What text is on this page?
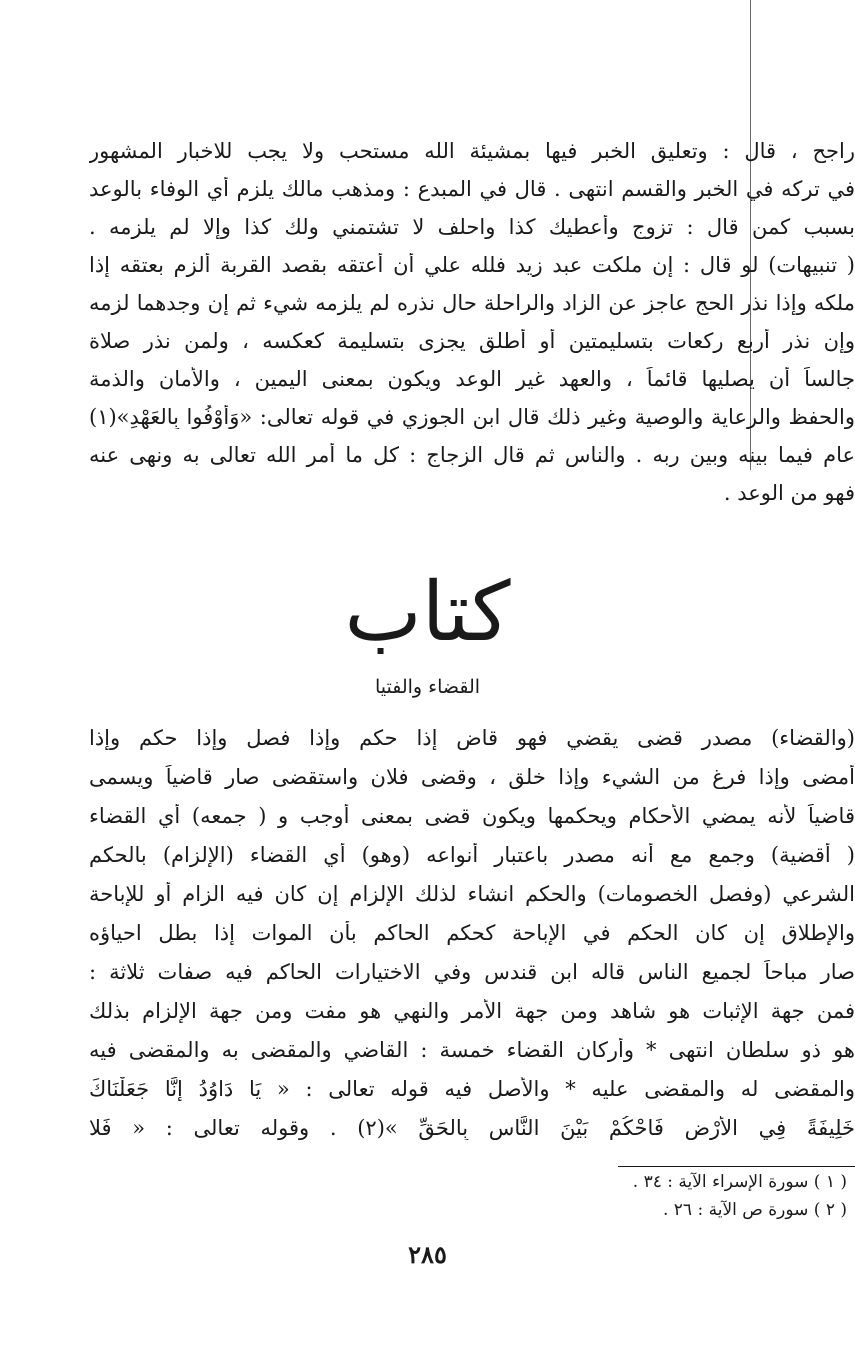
راجح ، قال : وتعليق الخبر فيها بمشيئة الله مستحب ولا يجب للاخبار المشهور
في تركه في الخبر والقسم انتهى . قال في المبدع : ومذهب مالك يلزم أي الوفاء بالوعد
بسبب كمن قال : تزوج وأعطيك كذا واحلف لا تشتمني ولك كذا وإلا لم يلزمه .
( تنبيهات) لو قال : إن ملكت عبد زيد فلله علي أن أعتقه بقصد القربة ألزم بعتقه إذا
ملكه وإذا نذر الحج عاجز عن الزاد والراحلة حال نذره لم يلزمه شيء ثم إن وجدهما لزمه
وإن نذر أربع ركعات بتسليمتين أو أطلق يجزى بتسليمة كعكسه ، ولمن نذر صلاة
جالساً أن يصليها قائماً ، والعهد غير الوعد ويكون بمعنى اليمين ، والأمان والذمة
والحفظ والرعاية والوصية وغير ذلك قال ابن الجوزي في قوله تعالى: «وَأَوْفُوا بِالعَهْدِ»(١)
عام فيما بينه وبين ربه . والناس ثم قال الزجاج : كل ما أمر الله تعالى به ونهى عنه
فهو من الوعد .
كتاب
القضاء والفتيا
(والقضاء) مصدر قضى يقضي فهو قاض إذا حكم وإذا فصل وإذا حكم وإذا
أمضى وإذا فرغ من الشيء وإذا خلق ، وقضى فلان واستقضى صار قاضياً ويسمى
قاضياً لأنه يمضي الأحكام ويحكمها ويكون قضى بمعنى أوجب و ( جمعه) أي القضاء
( أقضية) وجمع مع أنه مصدر باعتبار أنواعه (وهو) أي القضاء (الإلزام) بالحكم
الشرعي (وفصل الخصومات) والحكم انشاء لذلك الإلزام إن كان فيه الزام أو للإباحة
والإطلاق إن كان الحكم في الإباحة كحكم الحاكم بأن الموات إذا بطل احياؤه
صار مباحاً لجميع الناس قاله ابن قندس وفي الاختيارات الحاكم فيه صفات ثلاثة :
فمن جهة الإثبات هو شاهد ومن جهة الأمر والنهي هو مفت ومن جهة الإلزام بذلك
هو ذو سلطان انتهى * وأركان القضاء خمسة : القاضي والمقضى به والمقضى فيه
والمقضى له والمقضى عليه * والأصل فيه قوله تعالى : « يَا دَاوُدُ إِنَّا جَعَلْنَاكَ
خَلِيفَةً فِي الأَرْضِ فَاحْكُمْ بَيْنَ النَّاسِ بِالحَقِّ »(٢) . وقوله تعالى : « فَلا
( ١ ) سورة الإسراء الآية : ٣٤ .
( ٢ ) سورة ص الآية : ٢٦ .
٢٨٥
